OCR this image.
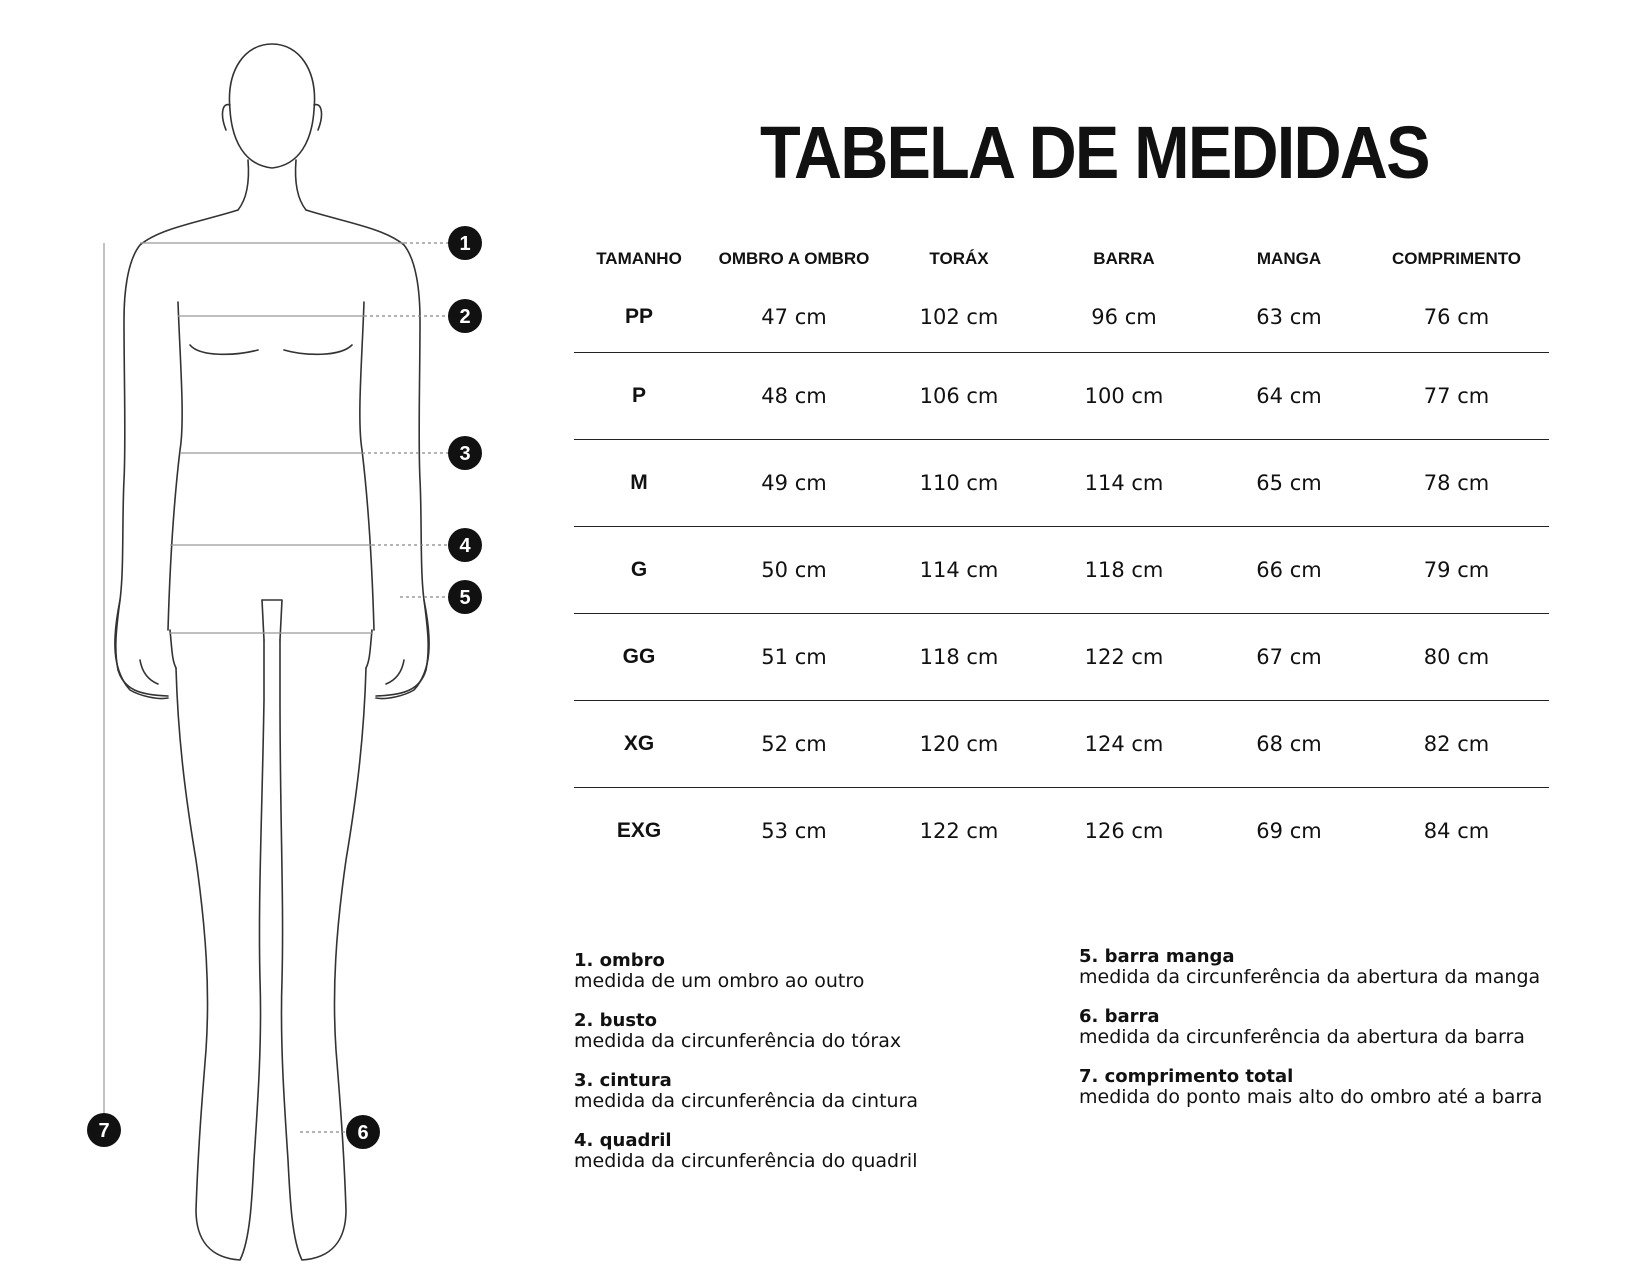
1
2
3
4
5
6
7
TABELA DE MEDIDAS
TAMANHO	OMBRO A OMBRO	TORÁX	BARRA	MANGA	COMPRIMENTO
PP	47 cm	102 cm	96 cm	63 cm	76 cm
P	48 cm	106 cm	100 cm	64 cm	77 cm
M	49 cm	110 cm	114 cm	65 cm	78 cm
G	50 cm	114 cm	118 cm	66 cm	79 cm
GG	51 cm	118 cm	122 cm	67 cm	80 cm
XG	52 cm	120 cm	124 cm	68 cm	82 cm
EXG	53 cm	122 cm	126 cm	69 cm	84 cm
1. ombro
medida de um ombro ao outro
2. busto
medida da circunferência do tórax
3. cintura
medida da circunferência da cintura
4. quadril
medida da circunferência do quadril
5. barra manga
medida da circunferência da abertura da manga
6. barra
medida da circunferência da abertura da barra
7. comprimento total
medida do ponto mais alto do ombro até a barra
